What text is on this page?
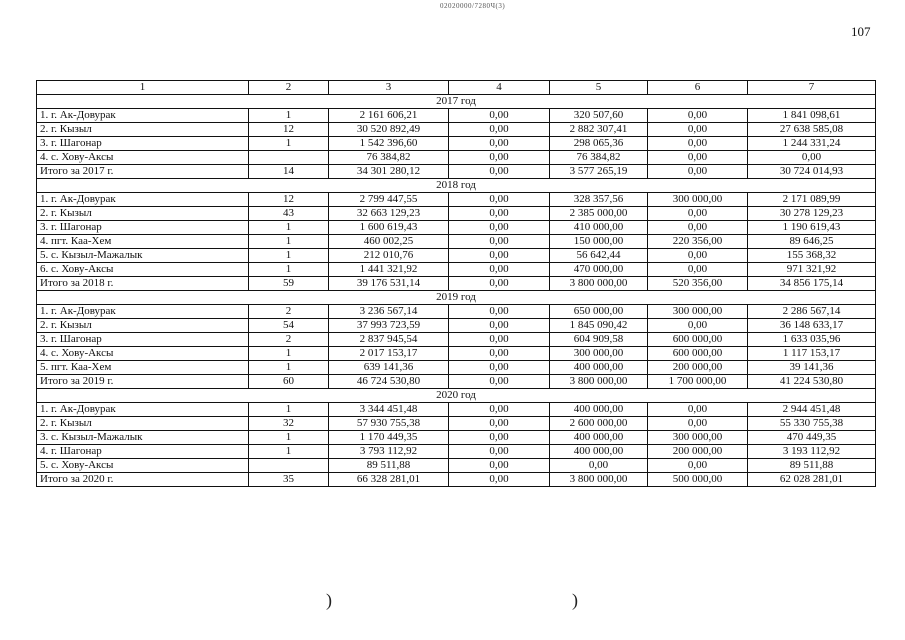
02020000/7280Ч(3)
107
1	2	3	4	5	6	7
2017 год						
1. г. Ак-Довурак	1	2 161 606,21	0,00	320 507,60	0,00	1 841 098,61
2. г. Кызыл	12	30 520 892,49	0,00	2 882 307,41	0,00	27 638 585,08
3. г. Шагонар	1	1 542 396,60	0,00	298 065,36	0,00	1 244 331,24
4. с. Хову-Аксы		76 384,82	0,00	76 384,82	0,00	0,00
Итого за 2017 г.	14	34 301 280,12	0,00	3 577 265,19	0,00	30 724 014,93
2018 год						
1. г. Ак-Довурак	12	2 799 447,55	0,00	328 357,56	300 000,00	2 171 089,99
2. г. Кызыл	43	32 663 129,23	0,00	2 385 000,00	0,00	30 278 129,23
3. г. Шагонар	1	1 600 619,43	0,00	410 000,00	0,00	1 190 619,43
4. пгт. Каа-Хем	1	460 002,25	0,00	150 000,00	220 356,00	89 646,25
5. с. Кызыл-Мажалык	1	212 010,76	0,00	56 642,44	0,00	155 368,32
6. с. Хову-Аксы	1	1 441 321,92	0,00	470 000,00	0,00	971 321,92
Итого за 2018 г.	59	39 176 531,14	0,00	3 800 000,00	520 356,00	34 856 175,14
2019 год						
1. г. Ак-Довурак	2	3 236 567,14	0,00	650 000,00	300 000,00	2 286 567,14
2. г. Кызыл	54	37 993 723,59	0,00	1 845 090,42	0,00	36 148 633,17
3. г. Шагонар	2	2 837 945,54	0,00	604 909,58	600 000,00	1 633 035,96
4. с. Хову-Аксы	1	2 017 153,17	0,00	300 000,00	600 000,00	1 117 153,17
5. пгт. Каа-Хем	1	639 141,36	0,00	400 000,00	200 000,00	39 141,36
Итого за 2019 г.	60	46 724 530,80	0,00	3 800 000,00	1 700 000,00	41 224 530,80
2020 год						
1. г. Ак-Довурак	1	3 344 451,48	0,00	400 000,00	0,00	2 944 451,48
2. г. Кызыл	32	57 930 755,38	0,00	2 600 000,00	0,00	55 330 755,38
3. с. Кызыл-Мажалык	1	1 170 449,35	0,00	400 000,00	300 000,00	470 449,35
4. г. Шагонар	1	3 793 112,92	0,00	400 000,00	200 000,00	3 193 112,92
5. с. Хову-Аксы		89 511,88	0,00	0,00	0,00	89 511,88
Итого за 2020 г.	35	66 328 281,01	0,00	3 800 000,00	500 000,00	62 028 281,01
)	)
